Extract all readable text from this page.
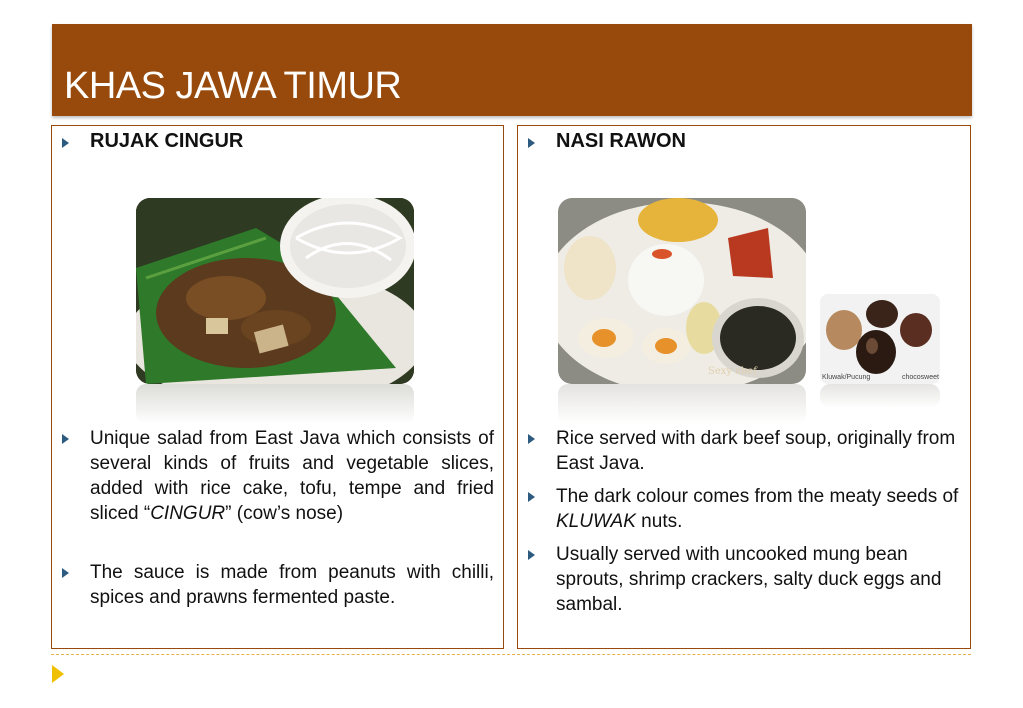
KHAS JAWA TIMUR
RUJAK CINGUR
Unique salad from East Java which consists of several kinds of fruits and vegetable slices, added with rice cake, tofu, tempe and fried sliced “CINGUR” (cow’s nose)
The sauce is made from peanuts with chilli, spices and prawns fermented paste.
NASI RAWON
Sexy chef
Kluwak/Pucung	chocosweet
Rice served with dark beef soup, originally from East Java.
The dark colour comes from the meaty seeds of KLUWAK nuts.
Usually served with uncooked mung bean sprouts, shrimp crackers, salty duck eggs and sambal.
